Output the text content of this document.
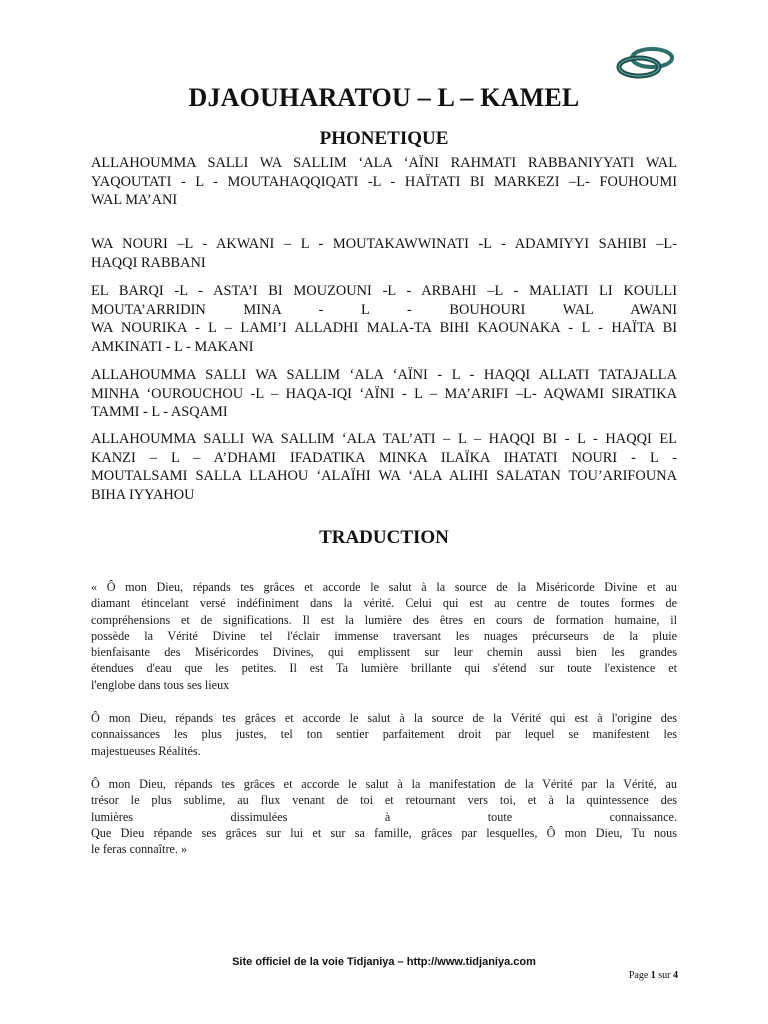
DJAOUHARATOU – L – KAMEL
PHONETIQUE

ALLAHOUMMA SALLI WA SALLIM ‘ALA ‘AÏNI RAHMATI RABBANIYYATI WAL
YAQOUTATI - L - MOUTAHAQQIQATI -L - HAÏTATI BI MARKEZI –L- FOUHOUMI
WAL MA’ANI

WA NOURI –L - AKWANI – L - MOUTAKAWWINATI -L - ADAMIYYI SAHIBI –L-
HAQQI RABBANI

EL BARQI -L - ASTA’I BI MOUZOUNI -L - ARBAHI –L - MALIATI LI KOULLI
MOUTA’ARRIDIN MINA - L - BOUHOURI WAL AWANI
WA NOURIKA - L – LAMI’I ALLADHI MALA-TA BIHI KAOUNAKA - L - HAÏTA BI
AMKINATI - L - MAKANI

ALLAHOUMMA SALLI WA SALLIM ‘ALA ‘AÏNI - L - HAQQI ALLATI TATAJALLA
MINHA ‘OUROUCHOU -L – HAQA-IQI ‘AÏNI - L – MA’ARIFI –L- AQWAMI SIRATIKA
TAMMI - L - ASQAMI

ALLAHOUMMA SALLI WA SALLIM ‘ALA TAL’ATI – L – HAQQI BI - L - HAQQI EL
KANZI – L – A’DHAMI IFADATIKA MINKA ILAÏKA IHATATI NOURI - L -
MOUTALSAMI SALLA LLAHOU ‘ALAÏHI WA ‘ALA ALIHI SALATAN TOU’ARIFOUNA
BIHA IYYAHOU

TRADUCTION

« Ô mon Dieu, répands tes grâces et accorde le salut à la source de la Miséricorde Divine et au
diamant étincelant versé indéfiniment dans la vérité. Celui qui est au centre de toutes formes de
compréhensions et de significations. Il est la lumière des êtres en cours de formation humaine, il
possède la Vérité Divine tel l'éclair immense traversant les nuages précurseurs de la pluie
bienfaisante des Miséricordes Divines, qui emplissent sur leur chemin aussi bien les grandes
étendues d'eau que les petites. Il est Ta lumière brillante qui s'étend sur toute l'existence et
l'englobe dans tous ses lieux

Ô mon Dieu, répands tes grâces et accorde le salut à la source de la Vérité qui est à l'origine des
connaissances les plus justes, tel ton sentier parfaitement droit par lequel se manifestent les
majestueuses Réalités.

Ô mon Dieu, répands tes grâces et accorde le salut à la manifestation de la Vérité par la Vérité, au
trésor le plus sublime, au flux venant de toi et retournant vers toi, et à la quintessence des
lumières dissimulées à toute connaissance.
Que Dieu répande ses grâces sur lui et sur sa famille, grâces par lesquelles, Ô mon Dieu, Tu nous
le feras connaître. »

Site officiel de la voie Tidjaniya – http://www.tidjaniya.com
Page 1 sur 4
